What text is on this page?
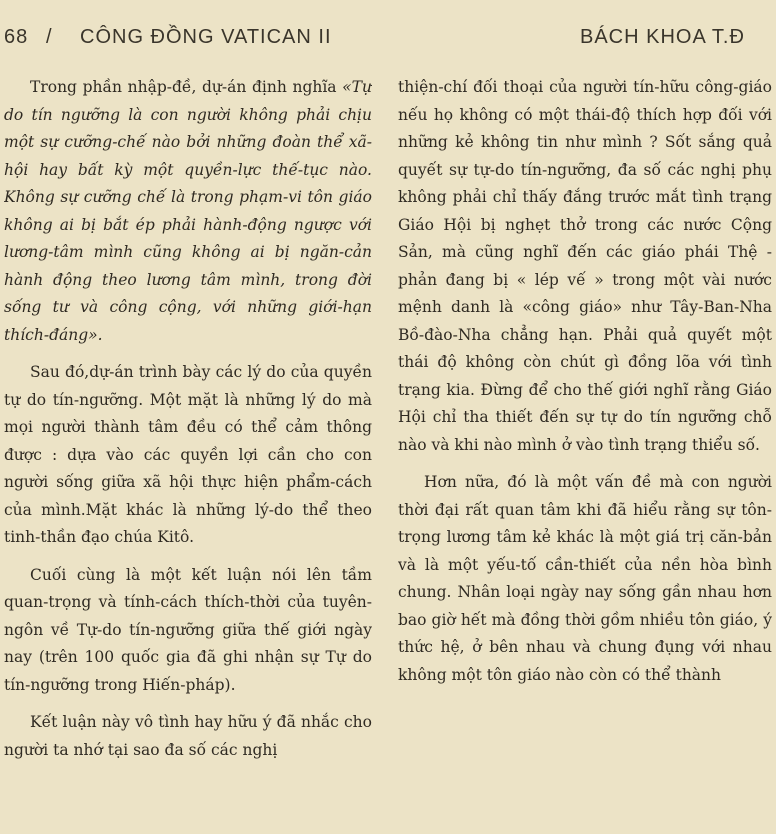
68 / CÔNG ĐỒNG VATICAN II	BÁCH KHOA T.Đ

Trong phần nhập-đề, dự-án định nghĩa «Tự do tín ngưỡng là con người không phải chịu một sự cưỡng-chế nào bởi những đoàn thể xã-hội hay bất kỳ một quyền-lực thế-tục nào. Không sự cưỡng chế là trong phạm-vi tôn giáo không ai bị bắt ép phải hành-động ngược với lương-tâm mình cũng không ai bị ngăn-cản hành động theo lương tâm mình, trong đời sống tư và công cộng, với những giới-hạn thích-đáng».

Sau đó,dự-án trình bày các lý do của quyền tự do tín-ngưỡng. Một mặt là những lý do mà mọi người thành tâm đều có thể cảm thông được : dựa vào các quyền lợi cần cho con người sống giữa xã hội thực hiện phẩm-cách của mình.Mặt khác là những lý-do thể theo tinh-thần đạo chúa Kitô.

Cuối cùng là một kết luận nói lên tầm quan-trọng và tính-cách thích-thời của tuyên-ngôn về Tự-do tín-ngưỡng giữa thế giới ngày nay (trên 100 quốc gia đã ghi nhận sự Tự do tín-ngưỡng trong Hiến-pháp).

Kết luận này vô tình hay hữu ý đã nhắc cho người ta nhớ tại sao đa số các nghị

thiện-chí đối thoại của người tín-hữu công-giáo nếu họ không có một thái-độ thích hợp đối với những kẻ không tin như mình ? Sốt sắng quả quyết sự tự-do tín-ngưỡng, đa số các nghị phụ không phải chỉ thấy đắng trước mắt tình trạng Giáo Hội bị nghẹt thở trong các nước Cộng Sản, mà cũng nghĩ đến các giáo phái Thệ - phản đang bị « lép vế » trong một vài nước mệnh danh là «công giáo» như Tây-Ban-Nha Bồ-đào-Nha chẳng hạn. Phải quả quyết một thái độ không còn chút gì đồng lõa với tình trạng kia. Đừng để cho thế giới nghĩ rằng Giáo Hội chỉ tha thiết đến sự tự do tín ngưỡng chỗ nào và khi nào mình ở vào tình trạng thiểu số.

Hơn nữa, đó là một vấn đề mà con người thời đại rất quan tâm khi đã hiểu rằng sự tôn-trọng lương tâm kẻ khác là một giá trị căn-bản và là một yếu-tố cần-thiết của nền hòa bình chung. Nhân loại ngày nay sống gần nhau hơn bao giờ hết mà đồng thời gồm nhiều tôn giáo, ý thức hệ, ở bên nhau và chung đụng với nhau không một tôn giáo nào còn có thể thành
